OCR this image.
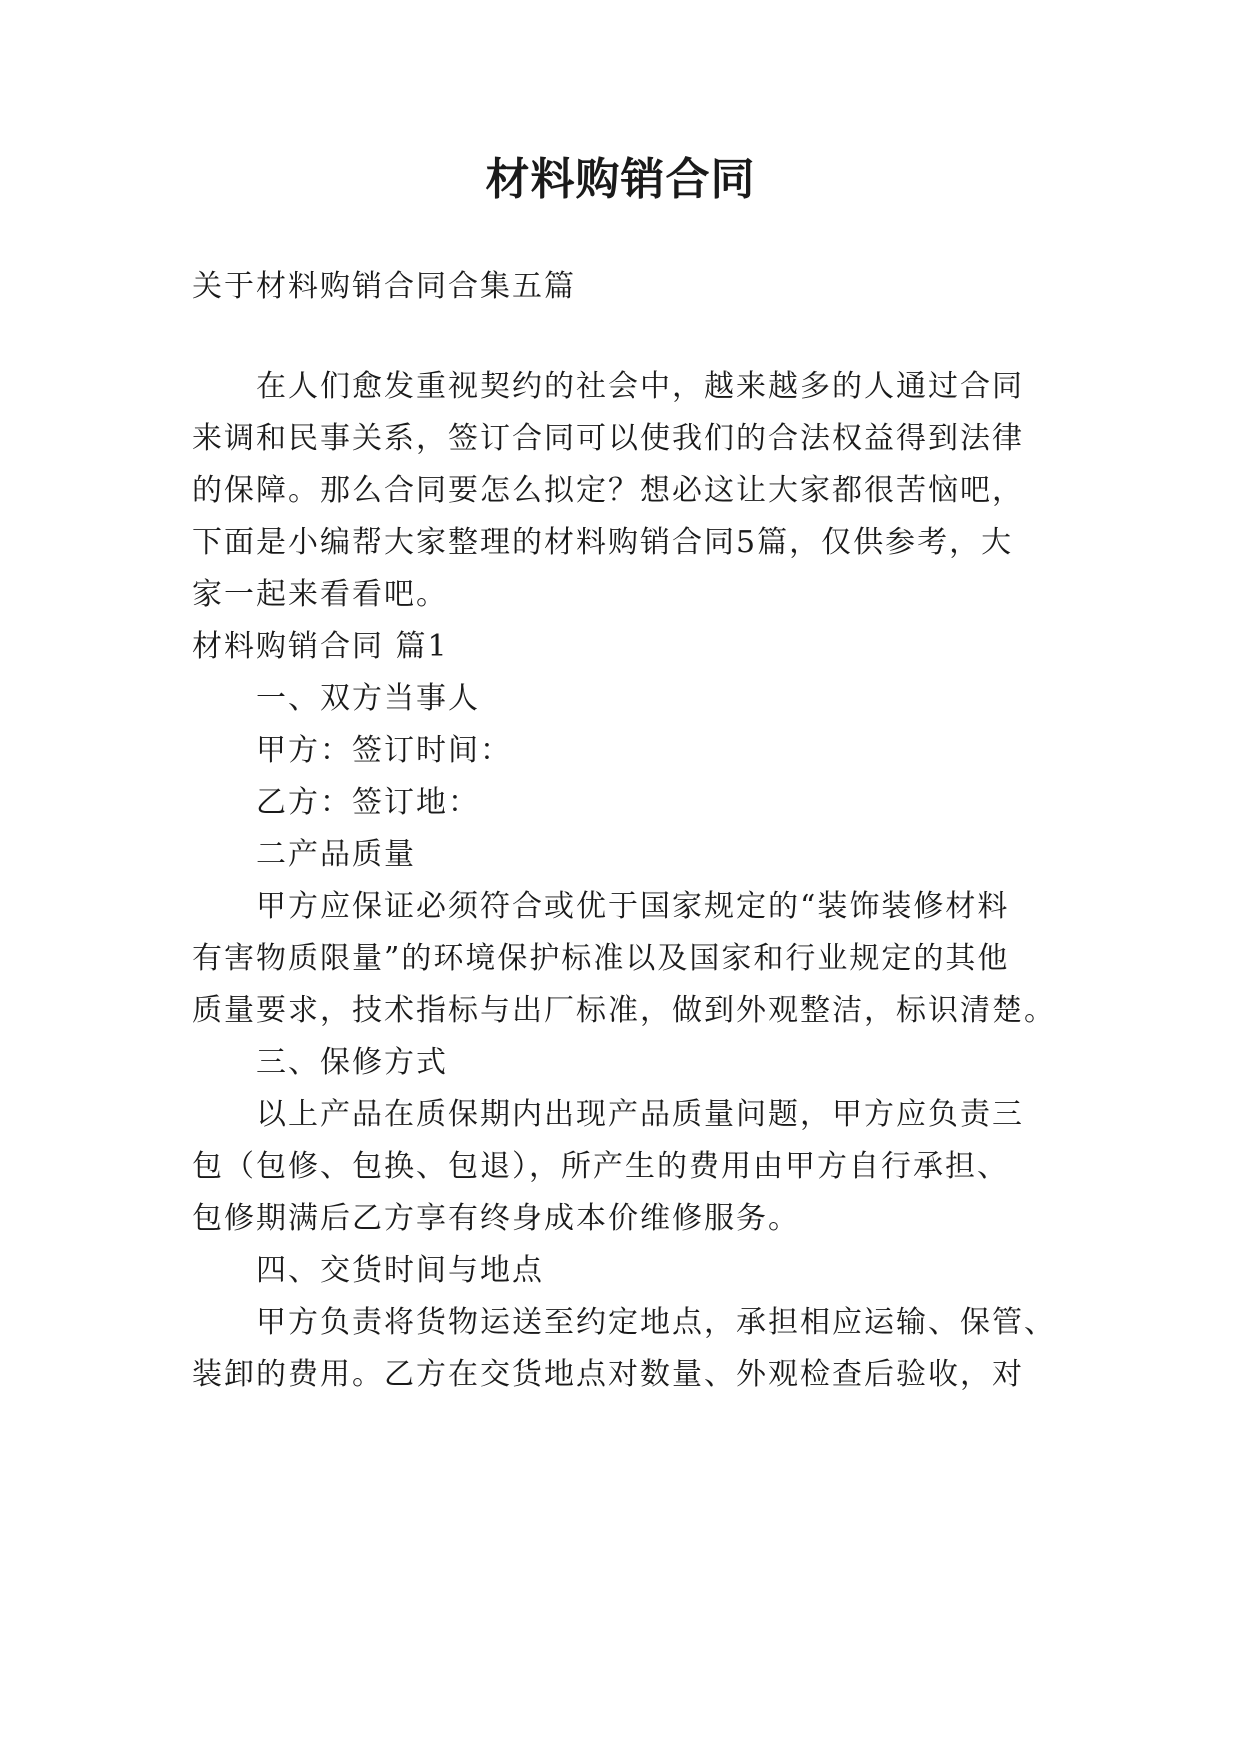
材料购销合同
关于材料购销合同合集五篇
在人们愈发重视契约的社会中，越来越多的人通过合同
来调和民事关系，签订合同可以使我们的合法权益得到法律
的保障。那么合同要怎么拟定？想必这让大家都很苦恼吧，
下面是小编帮大家整理的材料购销合同5篇，仅供参考，大
家一起来看看吧。
材料购销合同 篇1
一、双方当事人
甲方：签订时间：
乙方：签订地：
二产品质量
甲方应保证必须符合或优于国家规定的“装饰装修材料
有害物质限量”的环境保护标准以及国家和行业规定的其他
质量要求，技术指标与出厂标准，做到外观整洁，标识清楚。
三、保修方式
以上产品在质保期内出现产品质量问题，甲方应负责三
包（包修、包换、包退），所产生的费用由甲方自行承担、
包修期满后乙方享有终身成本价维修服务。
四、交货时间与地点
甲方负责将货物运送至约定地点，承担相应运输、保管、
装卸的费用。乙方在交货地点对数量、外观检查后验收，对
